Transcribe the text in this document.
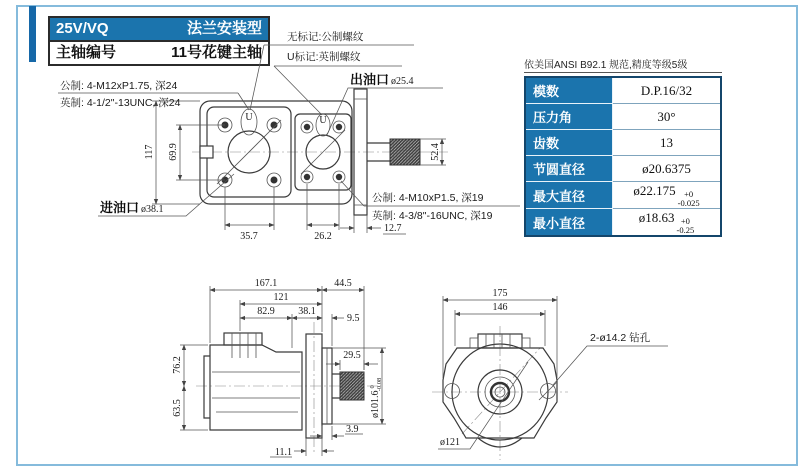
25V/VQ	法兰安装型
主轴编号	11号花键主轴
依美国ANSI B92.1 规范,精度等级5级
模数	D.P.16/32
压力角	30°
齿数	13
节圆直径	ø20.6375
最大直径	ø22.175 +0
-0.025

最小直径	ø18.63 +0
-0.25
U	U
117 69.9	52.4
35.7	26.2
12.7
公制: 4-M12xP1.75, 深24
英制: 4-1/2"-13UNC, 深24
无标记:公制螺纹
U标记:英制螺纹
出油口 ø25.4
进油口 ø38.1
公制: 4-M10xP1.5, 深19
英制: 4-3/8"-16UNC, 深19
167.1	44.5
121
82.9 38.1
9.5
76.2
63.5
29.5
ø101.6$^0$-0.08
3.9
11.1
175
146
2-ø14.2 钻孔
ø121
